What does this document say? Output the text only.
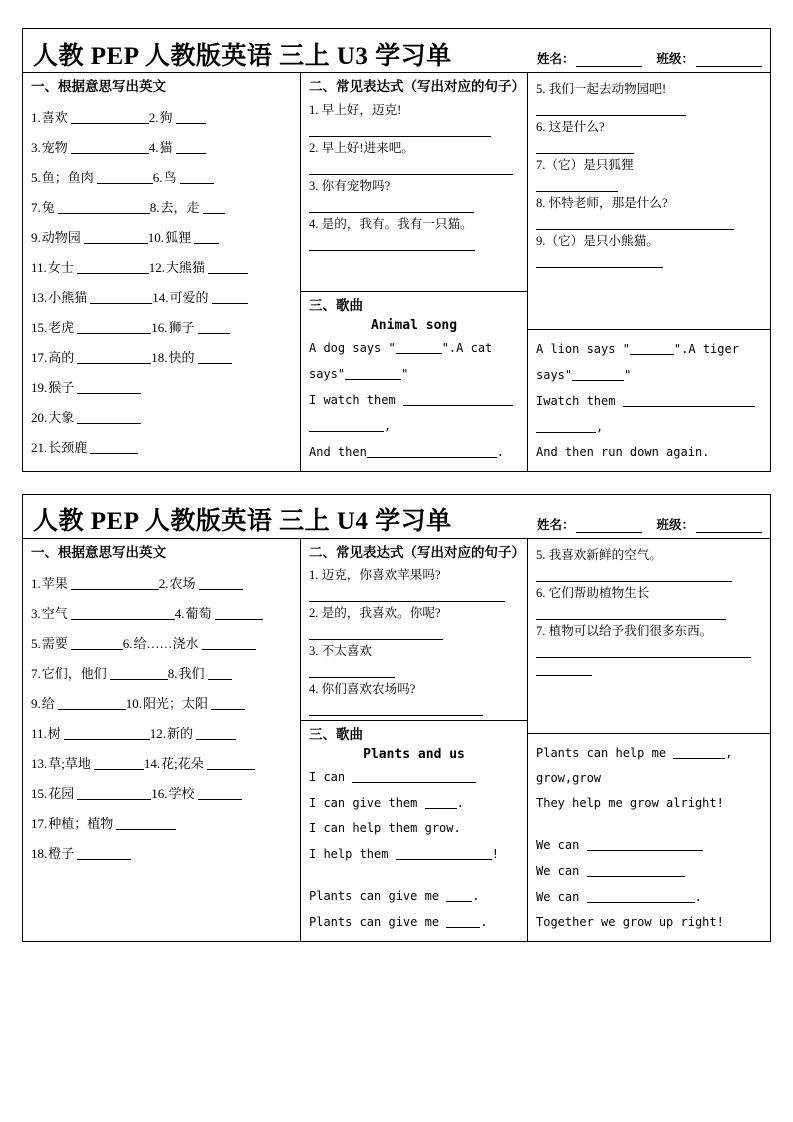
人教 PEP 人教版英语 三上 U3 学习单	姓名：	班级：
一、根据意思写出英文
1. 喜欢	2. 狗
3. 宠物	4. 猫
5. 鱼；鱼肉	6. 鸟
7. 兔	8. 去，走
9. 动物园	10. 狐狸
11. 女士	12. 大熊猫
13. 小熊猫	14. 可爱的
15. 老虎	16. 狮子
17. 高的	18. 快的
19. 猴子
20. 大象
21. 长颈鹿
二、常见表达式（写出对应的句子）
1. 早上好，迈克!
2. 早上好!进来吧。
3. 你有宠物吗?
4. 是的，我有。我有一只猫。
三、歌曲
Animal song
A dog says "	".A cat
says"	"
I watch them
,
And then	.
5. 我们一起去动物园吧!
6. 这是什么?
7.（它）是只狐狸
8. 怀特老师，那是什么?
9.（它）是只小熊猫。
A lion says "	".A tiger
says"	"
Iwatch them
,
And then run down again.
人教 PEP 人教版英语 三上 U4 学习单	姓名：	班级：
一、根据意思写出英文
1. 苹果	2. 农场
3. 空气	4. 葡萄
5. 需要	6. 给……浇水
7. 它们，他们	8. 我们
9. 给	10. 阳光；太阳
11. 树	12. 新的
13. 草;草地	14. 花;花朵
15. 花园	16. 学校
17. 种植；植物
18. 橙子
二、常见表达式（写出对应的句子）
1. 迈克，你喜欢苹果吗?
2. 是的，我喜欢。你呢?
3. 不太喜欢
4. 你们喜欢农场吗?
三、歌曲
Plants and us
I can
I can give them	.
I can help them grow.
I help them	!
Plants can give me .
Plants can give me	.
5. 我喜欢新鲜的空气。
6. 它们帮助植物生长
7. 植物可以给予我们很多东西。
Plants can help me	,
grow,grow
They help me grow alright!
We can
We can
We can	.
Together we grow up right!
